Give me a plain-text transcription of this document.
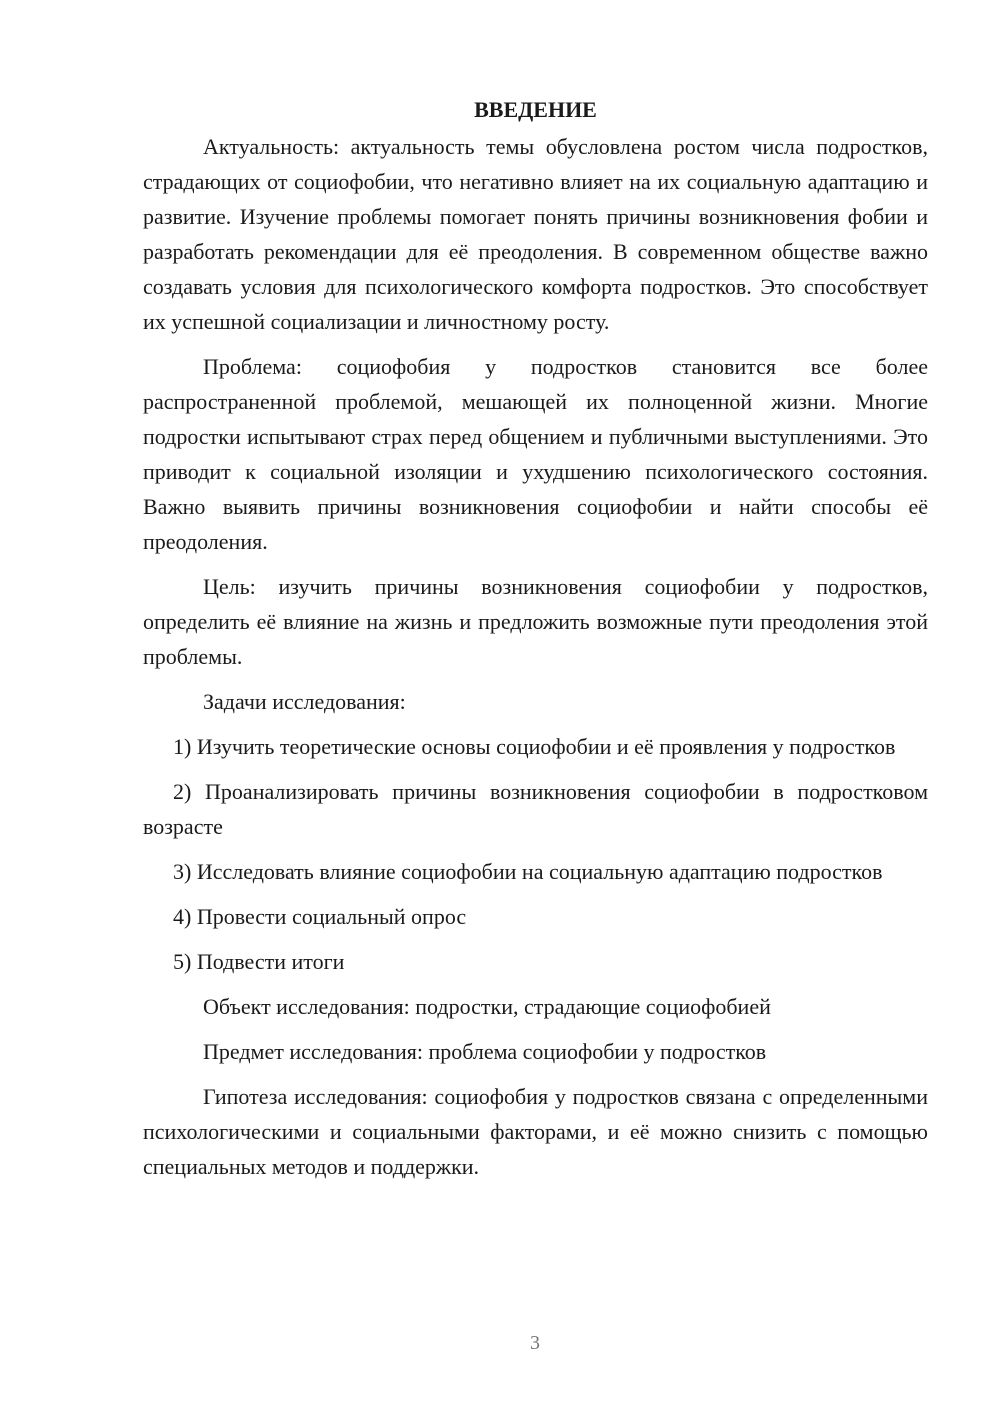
ВВЕДЕНИЕ

Актуальность: актуальность темы обусловлена ростом числа подростков, страдающих от социофобии, что негативно влияет на их социальную адаптацию и развитие. Изучение проблемы помогает понять причины возникновения фобии и разработать рекомендации для её преодоления. В современном обществе важно создавать условия для психологического комфорта подростков. Это способствует их успешной социализации и личностному росту.

Проблема: социофобия у подростков становится все более распространенной проблемой, мешающей их полноценной жизни. Многие подростки испытывают страх перед общением и публичными выступлениями. Это приводит к социальной изоляции и ухудшению психологического состояния. Важно выявить причины возникновения социофобии и найти способы её преодоления.

Цель: изучить причины возникновения социофобии у подростков, определить её влияние на жизнь и предложить возможные пути преодоления этой проблемы.

Задачи исследования:

1) Изучить теоретические основы социофобии и её проявления у подростков

2) Проанализировать причины возникновения социофобии в подростковом возрасте

3) Исследовать влияние социофобии на социальную адаптацию подростков

4) Провести социальный опрос

5) Подвести итоги

Объект исследования: подростки, страдающие социофобией

Предмет исследования: проблема социофобии у подростков

Гипотеза исследования: социофобия у подростков связана с определенными психологическими и социальными факторами, и её можно снизить с помощью специальных методов и поддержки.

3
